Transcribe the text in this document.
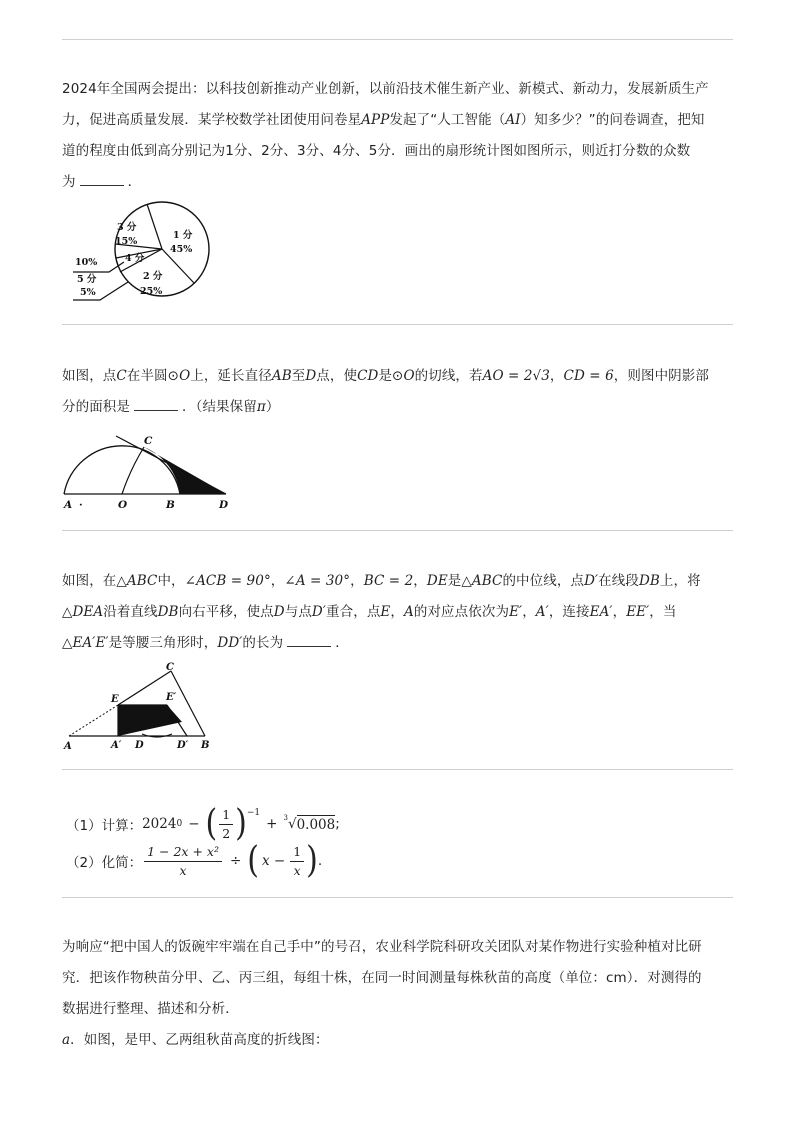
2024年全国两会提出：以科技创新推动产业创新，以前沿技术催生新产业、新模式、新动力，发展新质生产
力，促进高质量发展．某学校数学社团使用问卷星APP发起了“人工智能（AI）知多少？”的问卷调查，把知
道的程度由低到高分别记为1分、2分、3分、4分、5分．画出的扇形统计图如图所示，则近打分数的众数
为	．
1 分
45%
2 分
25%
3 分
15%
4 分
10%
5 分
5%
如图，点C在半圆⊙O上，延长直径AB至D点，使CD是⊙O的切线，若AO = 2√3，CD = 6，则图中阴影部
分的面积是	．（结果保留π）
C
A ·	O	B	D
如图，在△ABC中，∠ACB = 90°，∠A = 30°，BC = 2，DE是△ABC的中位线，点D′在线段DB上，将
△DEA沿着直线DB向右平移，使点D与点D′重合，点E，A的对应点依次为E′，A′，连接EA′，EE′，当
△EA′E′是等腰三角形时，DD′的长为	．
C
E	E′
A	A′ D	D′ B
（1）计算： 2024 0 − ( $\frac{1}{2}$ ) −1
+ 3 √ 0.008 ;
（2）化简： $\frac{\text{1 − 2x + x²}}{x}$ ÷ ( $x - \frac{1}{x}$ ) .
为响应“把中国人的饭碗牢牢端在自己手中”的号召，农业科学院科研攻关团队对某作物进行实验种植对比研
究．把该作物秧苗分甲、乙、丙三组，每组十株，在同一时间测量每株秋苗的高度（单位：cm）．对测得的
数据进行整理、描述和分析．
a．如图，是甲、乙两组秋苗高度的折线图：
